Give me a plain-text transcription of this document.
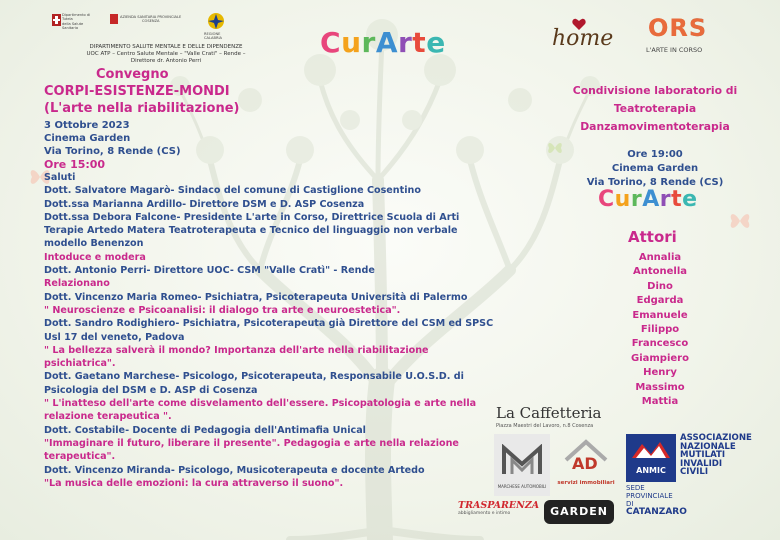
Dipartimento di Tutela
della Salute
Sanitaria
AZIENDA SANITARIA PROVINCIALE
COSENZA
REGIONE CALABRIA
DIPARTIMENTO SALUTE MENTALE E DELLE DIPENDENZE
UOC ATP – Centro Salute Mentale – "Valle Crati" – Rende –
Direttore dr. Antonio Perri
CurArte	home ORS
L'ARTE IN CORSO
Convegno
CORPI-ESISTENZE-MONDI
(L'arte nella riabilitazione)
3 Ottobre 2023
Cinema Garden
Via Torino, 8 Rende (CS)
Ore 15:00
Saluti
Dott. Salvatore Magarò- Sindaco del comune di Castiglione Cosentino
Dott.ssa Marianna Ardillo- Direttore DSM e D. ASP Cosenza
Dott.ssa Debora Falcone- Presidente L'arte in Corso, Direttrice Scuola di Arti
Terapie Artedo Matera Teatroterapeuta e Tecnico del linguaggio non verbale
modello Benenzon
Intoduce e modera
Dott. Antonio Perri- Direttore UOC- CSM "Valle Cratì" - Rende
Relazionano
Dott. Vincenzo Maria Romeo- Psichiatra, Psicoterapeuta Università di Palermo
" Neuroscienze e Psicoanalisi: il dialogo tra arte e neuroestetica".
Dott. Sandro Rodighiero- Psichiatra, Psicoterapeuta già Direttore del CSM ed SPSC
Usl 17 del veneto, Padova
" La bellezza salverà il mondo? Importanza dell'arte nella riabilitazione
psichiatrica".
Dott. Gaetano Marchese- Psicologo, Psicoterapeuta, Responsabile U.O.S.D. di
Psicologia del DSM e D. ASP di Cosenza
" L'inatteso dell'arte come disvelamento dell'essere. Psicopatologia e arte nella
relazione terapeutica ".
Dott. Costabile- Docente di Pedagogia dell'Antimafia Unical
"Immaginare il futuro, liberare il presente". Pedagogia e arte nella relazione
terapeutica".
Dott. Vincenzo Miranda- Psicologo, Musicoterapeuta e docente Artedo
"La musica delle emozioni: la cura attraverso il suono".
Condivisione laboratorio di
Teatroterapia
Danzamovimentoterapia
Ore 19:00
Cinema Garden
Via Torino, 8 Rende (CS)
CurArte
Attori
Annalia
Antonella
Dino
Edgarda
Emanuele
Filippo
Francesco
Giampiero
Henry
Massimo
Mattia
La Caffetteria
Piazza Maestri del Lavoro, n.8 Cosenza
MARCHESE AUTOMOBILI
AD
servizi immobiliari
ANMIC
ASSOCIAZIONE
NAZIONALE
MUTILATI
INVALIDI
CIVILI
SEDE
PROVINCIALE
DI
CATANZARO
TRASPARENZA
abbigliamento e intimo	GARDEN
